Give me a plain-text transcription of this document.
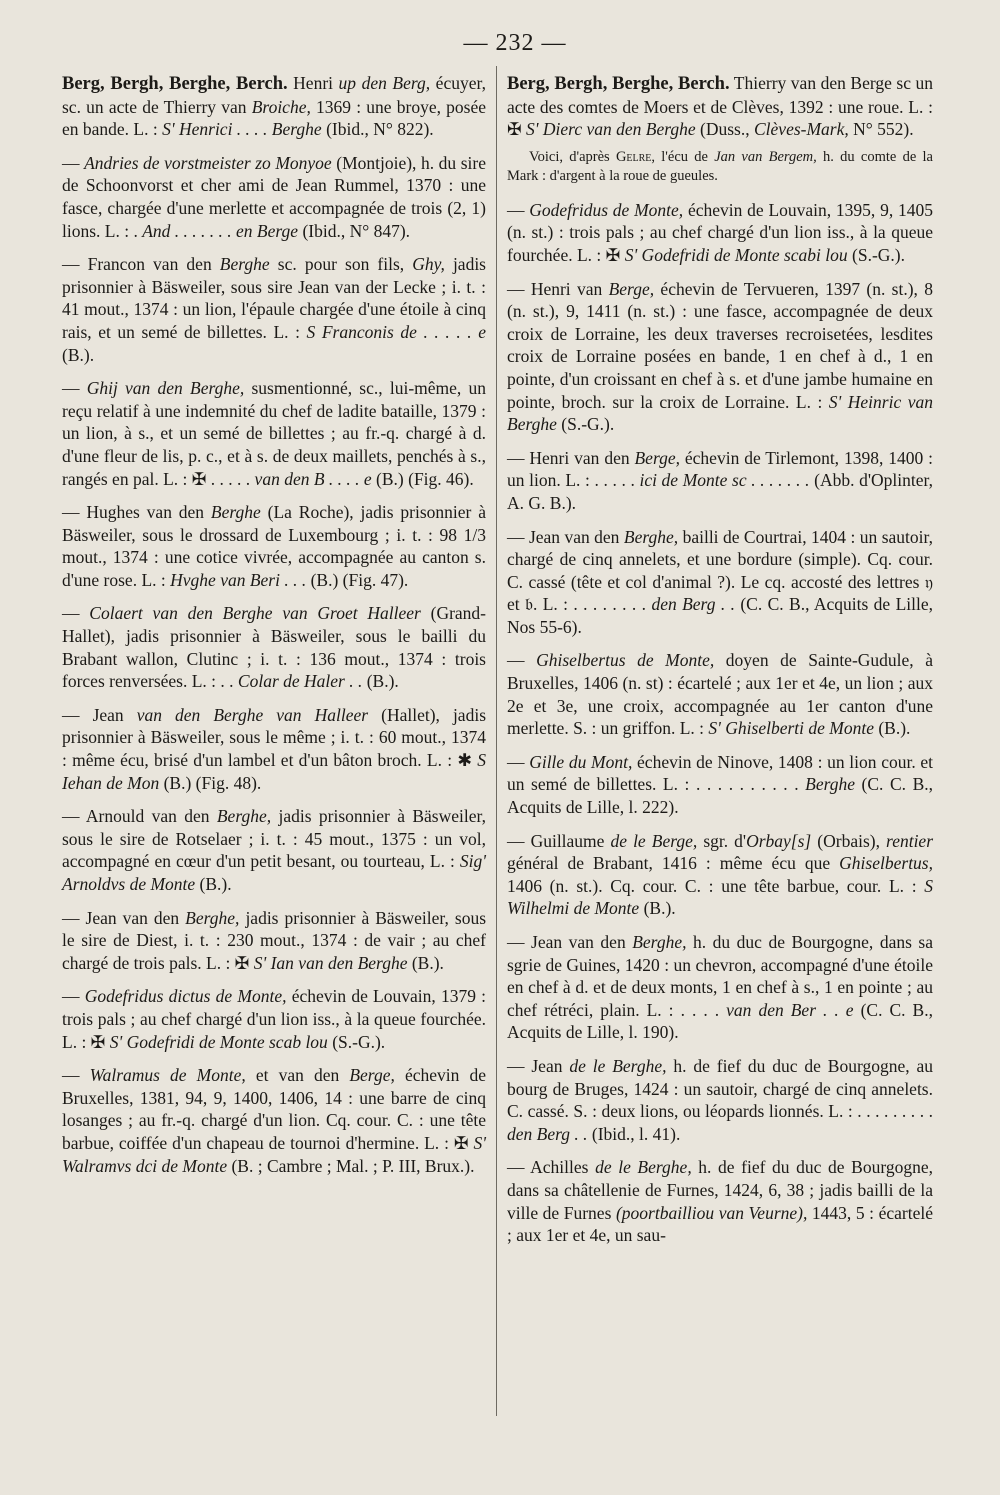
— 232 —

Berg, Bergh, Berghe, Berch. Henri up den Berg, écuyer, sc. un acte de Thierry van Broiche, 1369 : une broye, posée en bande. L. : S' Henrici . . . . Berghe (Ibid., N° 822).

— Andries de vorstmeister zo Monyoe (Montjoie), h. du sire de Schoonvorst et cher ami de Jean Rummel, 1370 : une fasce, chargée d'une merlette et accompagnée de trois (2, 1) lions. L. : . And . . . . . . . en Berge (Ibid., N° 847).

— Francon van den Berghe sc. pour son fils, Ghy, jadis prisonnier à Bäsweiler, sous sire Jean van der Lecke ; i. t. : 41 mout., 1374 : un lion, l'épaule chargée d'une étoile à cinq rais, et un semé de billettes. L. : S Franconis de . . . . . e (B.).

— Ghij van den Berghe, susmentionné, sc., lui-même, un reçu relatif à une indemnité du chef de ladite bataille, 1379 : un lion, à s., et un semé de billettes ; au fr.-q. chargé à d. d'une fleur de lis, p. c., et à s. de deux maillets, penchés à s., rangés en pal. L. : ✠ . . . . . van den B . . . . e (B.) (Fig. 46).

— Hughes van den Berghe (La Roche), jadis prisonnier à Bäsweiler, sous le drossard de Luxembourg ; i. t. : 98 1/3 mout., 1374 : une cotice vivrée, accompagnée au canton s. d'une rose. L. : Hvghe van Beri . . . (B.) (Fig. 47).

— Colaert van den Berghe van Groet Halleer (Grand-Hallet), jadis prisonnier à Bäsweiler, sous le bailli du Brabant wallon, Clutinc ; i. t. : 136 mout., 1374 : trois forces renversées. L. : . . Colar de Haler . . (B.).

— Jean van den Berghe van Halleer (Hallet), jadis prisonnier à Bäsweiler, sous le même ; i. t. : 60 mout., 1374 : même écu, brisé d'un lambel et d'un bâton broch. L. : ✱ S Iehan de Mon (B.) (Fig. 48).

— Arnould van den Berghe, jadis prisonnier à Bäsweiler, sous le sire de Rotselaer ; i. t. : 45 mout., 1375 : un vol, accompagné en cœur d'un petit besant, ou tourteau, L. : Sig' Arnoldvs de Monte (B.).

— Jean van den Berghe, jadis prisonnier à Bäsweiler, sous le sire de Diest, i. t. : 230 mout., 1374 : de vair ; au chef chargé de trois pals. L. : ✠ S' Ian van den Berghe (B.).

— Godefridus dictus de Monte, échevin de Louvain, 1379 : trois pals ; au chef chargé d'un lion iss., à la queue fourchée. L. : ✠ S' Godefridi de Monte scab lou (S.-G.).

— Walramus de Monte, et van den Berge, échevin de Bruxelles, 1381, 94, 9, 1400, 1406, 14 : une barre de cinq losanges ; au fr.-q. chargé d'un lion. Cq. cour. C. : une tête barbue, coiffée d'un chapeau de tournoi d'hermine. L. : ✠ S' Walramvs dci de Monte (B. ; Cambre ; Mal. ; P. III, Brux.).

Berg, Bergh, Berghe, Berch. Thierry van den Berge sc un acte des comtes de Moers et de Clèves, 1392 : une roue. L. : ✠ S' Dierc van den Berghe (Duss., Clèves-Mark, N° 552).

Voici, d'après Gelre, l'écu de Jan van Bergem, h. du comte de la Mark : d'argent à la roue de gueules.

— Godefridus de Monte, échevin de Louvain, 1395, 9, 1405 (n. st.) : trois pals ; au chef chargé d'un lion iss., à la queue fourchée. L. : ✠ S' Godefridi de Monte scabi lou (S.-G.).

— Henri van Berge, échevin de Tervueren, 1397 (n. st.), 8 (n. st.), 9, 1411 (n. st.) : une fasce, accompagnée de deux croix de Lorraine, les deux traverses recroisetées, lesdites croix de Lorraine posées en bande, 1 en chef à d., 1 en pointe, d'un croissant en chef à s. et d'une jambe humaine en pointe, broch. sur la croix de Lorraine. L. : S' Heinric van Berghe (S.-G.).

— Henri van den Berge, échevin de Tirlemont, 1398, 1400 : un lion. L. : . . . . . ici de Monte sc . . . . . . . (Abb. d'Oplinter, A. G. B.).

— Jean van den Berghe, bailli de Courtrai, 1404 : un sautoir, chargé de cinq annelets, et une bordure (simple). Cq. cour. C. cassé (tête et col d'animal ?). Le cq. accosté des lettres 𝔶 et 𝔟. L. : . . . . . . . . den Berg . . (C. C. B., Acquits de Lille, Nos 55-6).

— Ghiselbertus de Monte, doyen de Sainte-Gudule, à Bruxelles, 1406 (n. st) : écartelé ; aux 1er et 4e, un lion ; aux 2e et 3e, une croix, accompagnée au 1er canton d'une merlette. S. : un griffon. L. : S' Ghiselberti de Monte (B.).

— Gille du Mont, échevin de Ninove, 1408 : un lion cour. et un semé de billettes. L. : . . . . . . . . . . Berghe (C. C. B., Acquits de Lille, l. 222).

— Guillaume de le Berge, sgr. d'Orbay[s] (Orbais), rentier général de Brabant, 1416 : même écu que Ghiselbertus, 1406 (n. st.). Cq. cour. C. : une tête barbue, cour. L. : S Wilhelmi de Monte (B.).

— Jean van den Berghe, h. du duc de Bourgogne, dans sa sgrie de Guines, 1420 : un chevron, accompagné d'une étoile en chef à d. et de deux monts, 1 en chef à s., 1 en pointe ; au chef rétréci, plain. L. : . . . . van den Ber . . e (C. C. B., Acquits de Lille, l. 190).

— Jean de le Berghe, h. de fief du duc de Bourgogne, au bourg de Bruges, 1424 : un sautoir, chargé de cinq annelets. C. cassé. S. : deux lions, ou léopards lionnés. L. : . . . . . . . . . den Berg . . (Ibid., l. 41).

— Achilles de le Berghe, h. de fief du duc de Bourgogne, dans sa châtellenie de Furnes, 1424, 6, 38 ; jadis bailli de la ville de Furnes (poortbailliou van Veurne), 1443, 5 : écartelé ; aux 1er et 4e, un sau-
